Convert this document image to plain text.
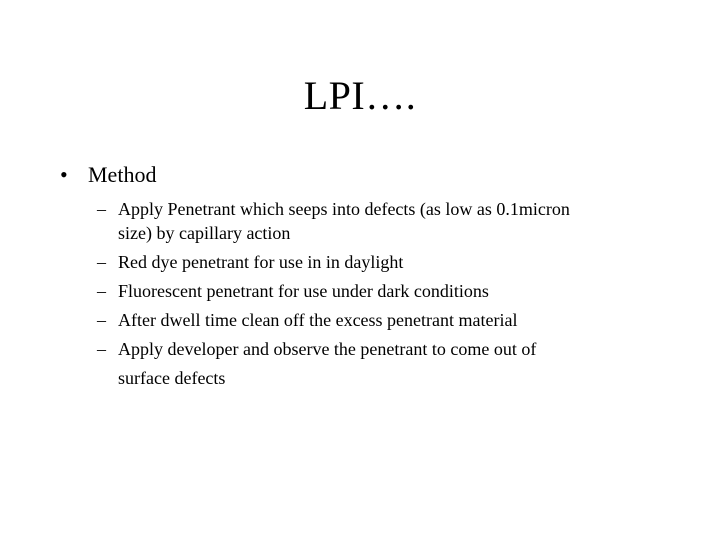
LPI….
• Method
– Apply Penetrant which seeps into defects (as low as 0.1micron size) by capillary action
– Red dye penetrant for use in in daylight
– Fluorescent penetrant for use under dark conditions
– After dwell time clean off the excess penetrant material
– Apply developer and observe the penetrant to come out of surface defects
